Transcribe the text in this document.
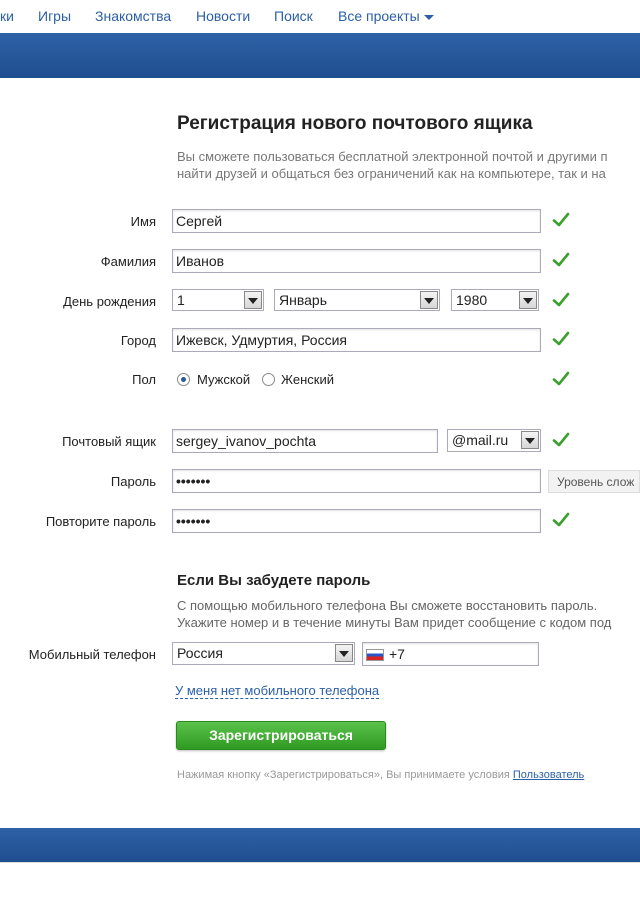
ки Игры Знакомства Новости Поиск Все проекты
Регистрация нового почтового ящика
Вы сможете пользоваться бесплатной электронной почтой и другими п
найти друзей и общаться без ограничений как на компьютере, так и на
Имя Сергей
Фамилия Иванов
День рождения	1	Январь	1980
Город Ижевск, Удмуртия, Россия
Пол	Мужской Женский
Почтовый ящик sergey_ivanov_pochta	@mail.ru
Пароль •••••••	Уровень слож
Повторите пароль •••••••
Если Вы забудете пароль
С помощью мобильного телефона Вы сможете восстановить пароль.
Укажите номер и в течение минуты Вам придет сообщение с кодом под
Мобильный телефон	Россия	+7
У меня нет мобильного телефона
Зарегистрироваться
Нажимая кнопку «Зарегистрироваться», Вы принимаете условия Пользователь
